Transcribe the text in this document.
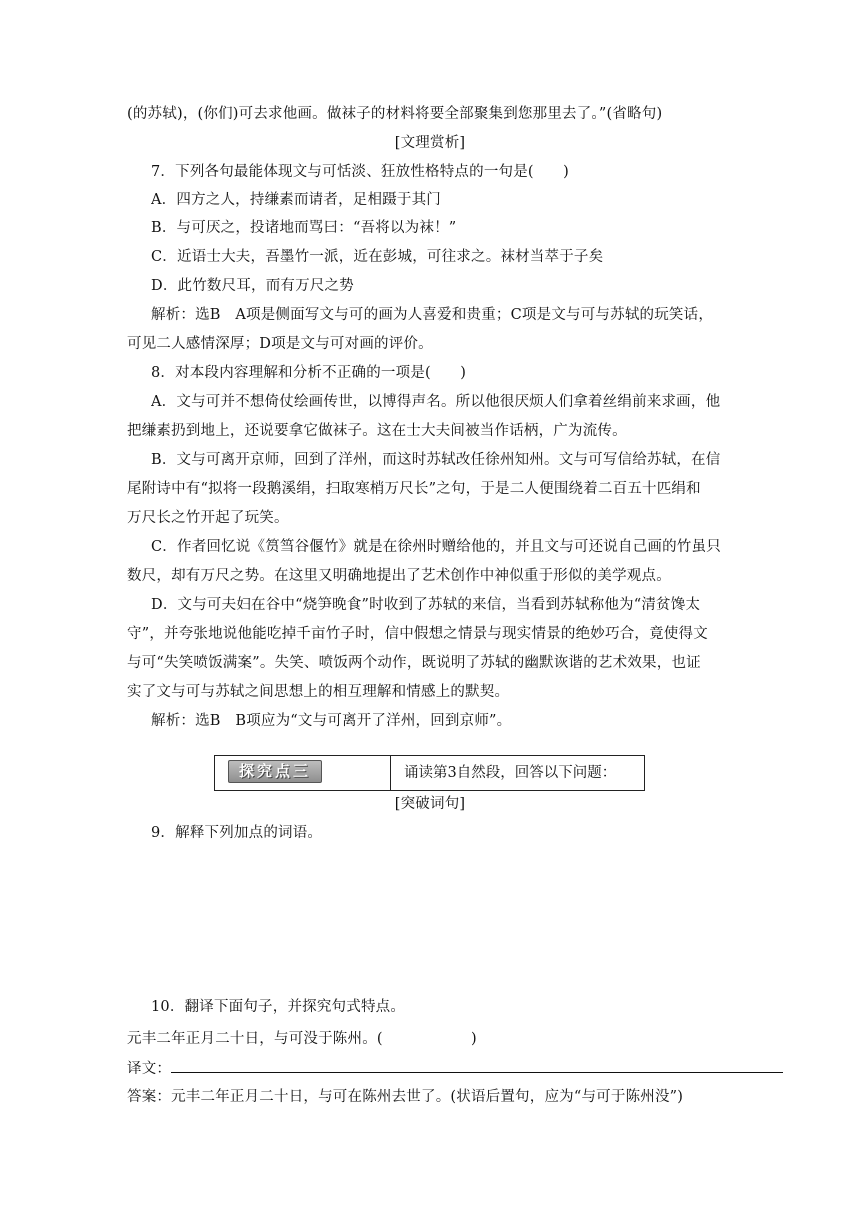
(的苏轼)，(你们)可去求他画。做袜子的材料将要全部聚集到您那里去了。”(省略句)
[文理赏析]
7．下列各句最能体现文与可恬淡、狂放性格特点的一句是(　　)
A．四方之人，持缣素而请者，足相蹑于其门
B．与可厌之，投诸地而骂曰：“吾将以为袜！”
C．近语士大夫，吾墨竹一派，近在彭城，可往求之。袜材当萃于子矣
D．此竹数尺耳，而有万尺之势
解析：选B　A项是侧面写文与可的画为人喜爱和贵重；C项是文与可与苏轼的玩笑话，
可见二人感情深厚；D项是文与可对画的评价。
8．对本段内容理解和分析不正确的一项是(　　)
A．文与可并不想倚仗绘画传世，以博得声名。所以他很厌烦人们拿着丝绢前来求画，他
把缣素扔到地上，还说要拿它做袜子。这在士大夫间被当作话柄，广为流传。
B．文与可离开京师，回到了洋州，而这时苏轼改任徐州知州。文与可写信给苏轼，在信
尾附诗中有“拟将一段鹅溪绢，扫取寒梢万尺长”之句，于是二人便围绕着二百五十匹绢和
万尺长之竹开起了玩笑。
C．作者回忆说《筼筜谷偃竹》就是在徐州时赠给他的，并且文与可还说自己画的竹虽只
数尺，却有万尺之势。在这里又明确地提出了艺术创作中神似重于形似的美学观点。
D．文与可夫妇在谷中“烧笋晚食”时收到了苏轼的来信，当看到苏轼称他为“清贫馋太
守”，并夸张地说他能吃掉千亩竹子时，信中假想之情景与现实情景的绝妙巧合，竟使得文
与可“失笑喷饭满案”。失笑、喷饭两个动作，既说明了苏轼的幽默诙谐的艺术效果，也证
实了文与可与苏轼之间思想上的相互理解和情感上的默契。
解析：选B　B项应为“文与可离开了洋州，回到京师”。
探究点三	诵读第3自然段，回答以下问题：
[突破词句]
9．解释下列加点的词语。
10．翻译下面句子，并探究句式特点。
元丰二年正月二十日，与可没于陈州。(　　　　　　)
译文：
答案：元丰二年正月二十日，与可在陈州去世了。(状语后置句，应为“与可于陈州没”)
